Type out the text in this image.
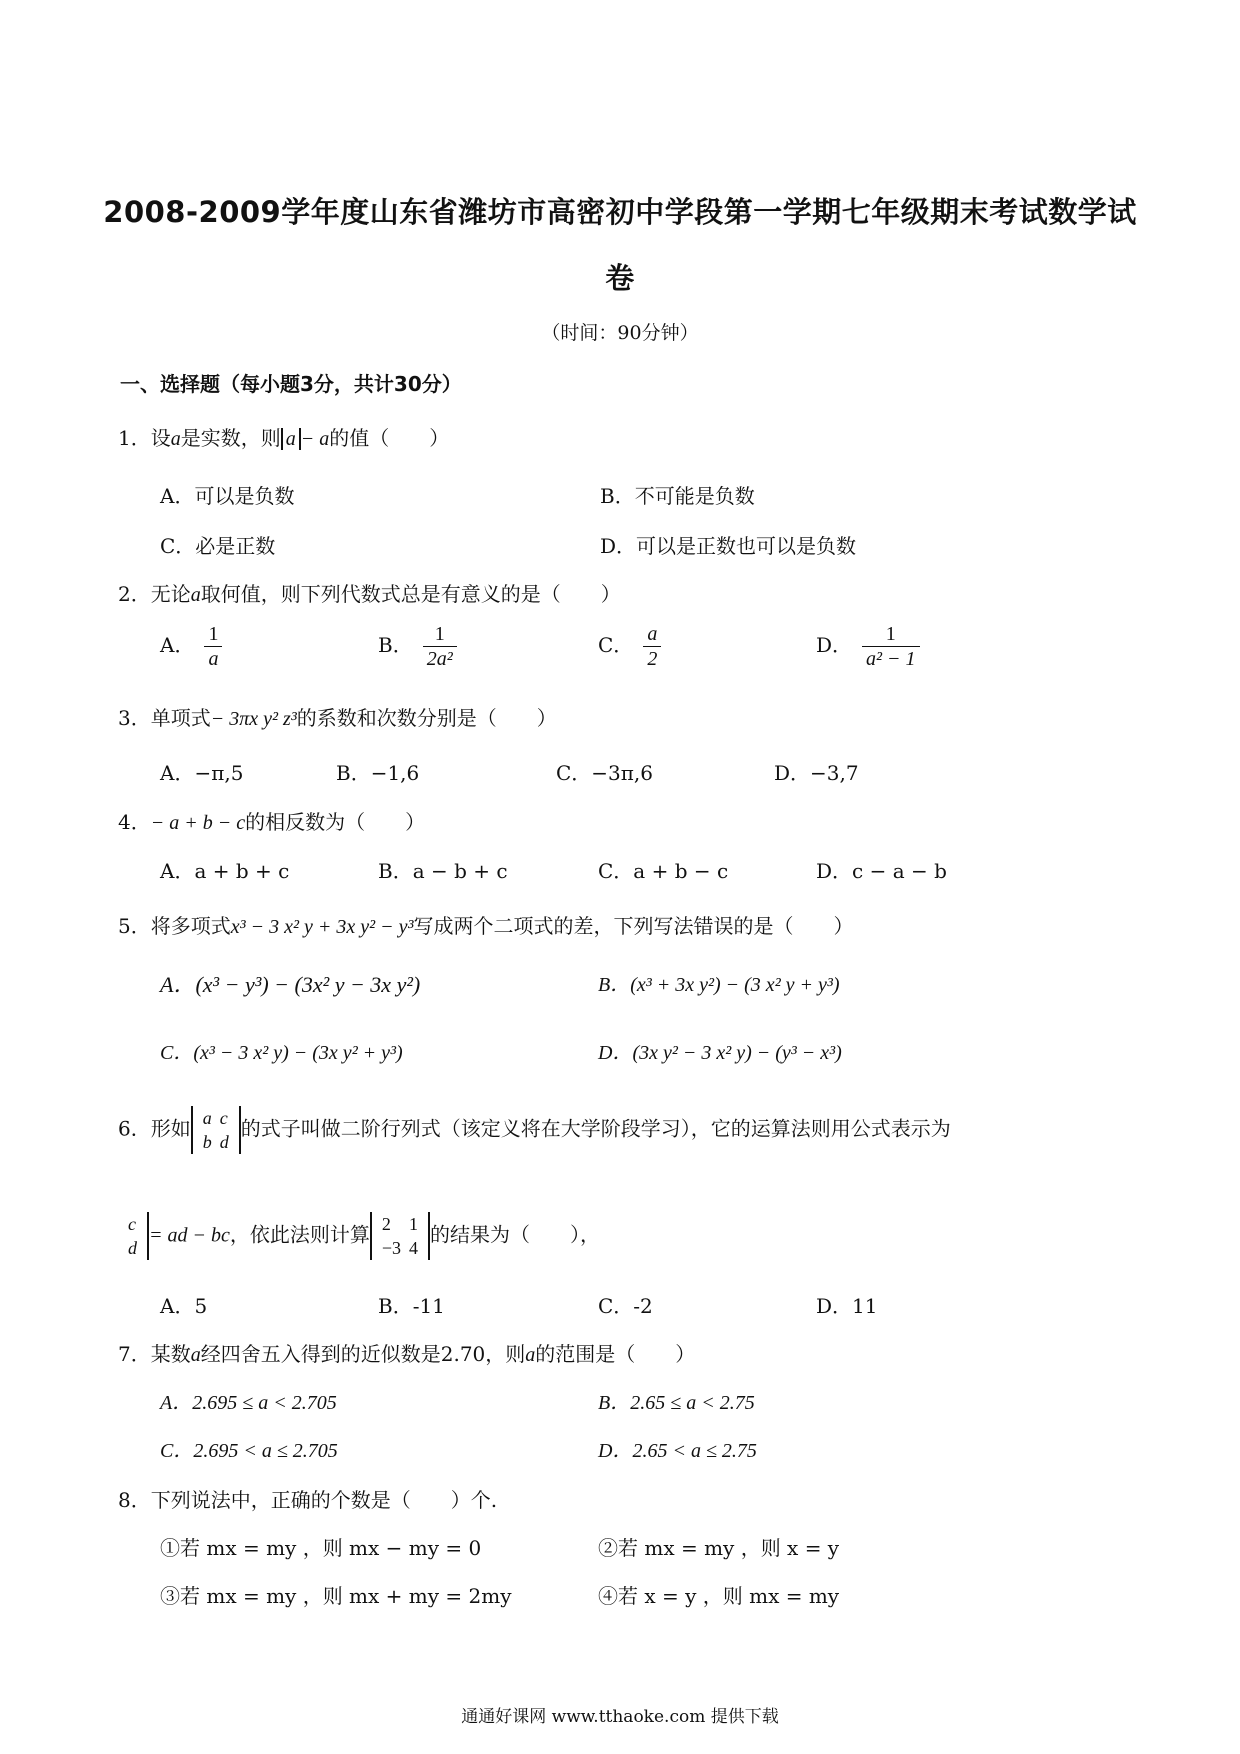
2008-2009学年度山东省潍坊市高密初中学段第一学期七年级期末考试数学试
卷
（时间：90分钟）
一、选择题（每小题3分，共计30分）
1．设a是实数，则 a − a的值（　　）
A．可以是负数	B．不可能是负数
C．必是正数	D．可以是正数也可以是负数
2．无论a取何值，则下列代数式总是有意义的是（　　）
A． $\frac{1}{a}$	B． $\frac{1}{\text{2a²}}$	C． $\frac{a}{2}$	D． $\frac{1}{\text{a² − 1}}$
3．单项式− 3πx y² z³的系数和次数分别是（　　）
A．−π,5	B．−1,6	C．−3π,6	D．−3,7
4．− a + b − c的相反数为（　　）
A．a + b + c	B．a − b + c	C．a + b − c	D．c − a − b
5．将多项式x³ − 3 x² y + 3x y² − y³写成两个二项式的差，下列写法错误的是（　　）
A．(x³ − y³) − (3x² y − 3x y²)	B．(x³ + 3x y²) − (3 x² y + y³)
C．(x³ − 3 x² y) − (3x y² + y³)	D．(3x y² − 3 x² y) − (y³ − x³)
6．形如 a	c
b	d
的式子叫做二阶行列式（该定义将在大学阶段学习），它的运算法则用公式表示为
c
d
= ad − bc，依此法则计算 2	1
−3	4
的结果为（　　），
A．5	B．-11	C．-2	D．11
7．某数a经四舍五入得到的近似数是2.70，则a的范围是（　　）
A．2.695 ≤ a < 2.705	B．2.65 ≤ a < 2.75
C．2.695 < a ≤ 2.705	D．2.65 < a ≤ 2.75
8．下列说法中，正确的个数是（　　）个.
①若 mx = my ，则 mx − my = 0	②若 mx = my ，则 x = y
③若 mx = my ，则 mx + my = 2my	④若 x = y ，则 mx = my
通通好课网 www.tthaoke.com 提供下载
